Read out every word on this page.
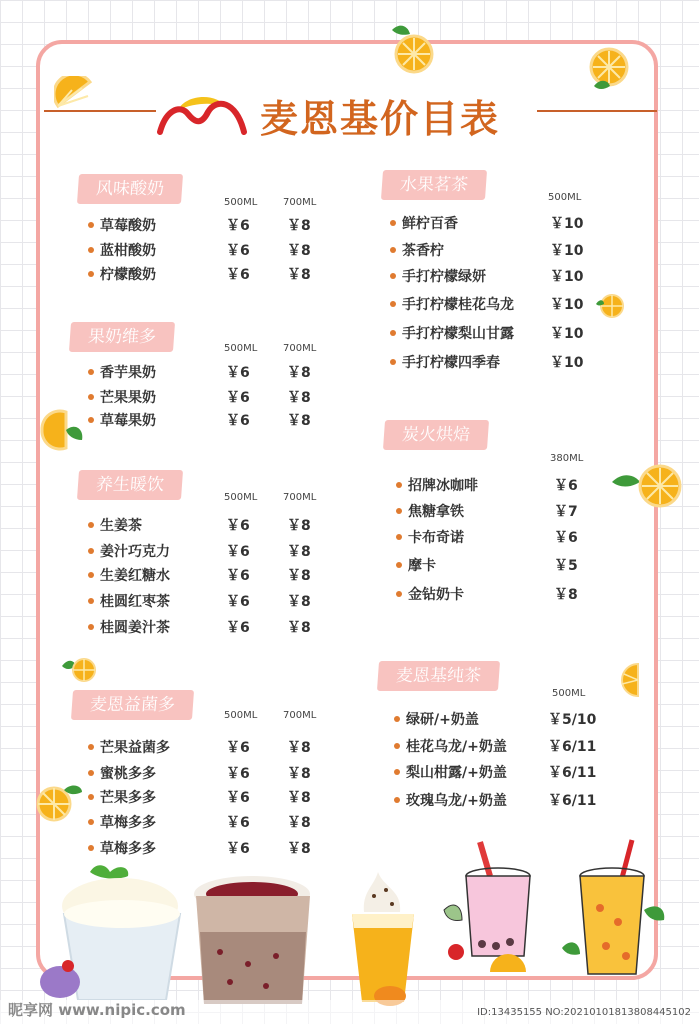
麦恩基价目表
风味酸奶
500ML	700ML
草莓酸奶	￥6	￥8
蓝柑酸奶	￥6	￥8
柠檬酸奶	￥6	￥8
果奶维多
500ML	700ML
香芋果奶	￥6	￥8
芒果果奶	￥6	￥8
草莓果奶	￥6	￥8
养生暖饮
500ML	700ML
生姜茶	￥6	￥8
姜汁巧克力	￥6	￥8
生姜红糖水	￥6	￥8
桂圆红枣茶	￥6	￥8
桂圆姜汁茶	￥6	￥8
麦恩益菌多
500ML	700ML
芒果益菌多	￥6	￥8
蜜桃多多	￥6	￥8
芒果多多	￥6	￥8
草梅多多	￥6	￥8
草梅多多	￥6	￥8
水果茗茶
500ML
鲜柠百香	￥10
茶香柠	￥10
手打柠檬绿妍	￥10
手打柠檬桂花乌龙	￥10
手打柠檬梨山甘露	￥10
手打柠檬四季春	￥10
炭火烘焙
380ML
招牌冰咖啡	￥6
焦糖拿铁	￥7
卡布奇诺	￥6
摩卡	￥5
金钻奶卡	￥8
麦恩基纯茶
500ML
绿研/+奶盖	￥5/10
桂花乌龙/+奶盖	￥6/11
梨山柑露/+奶盖	￥6/11
玫瑰乌龙/+奶盖	￥6/11
昵享网 www.nipic.com	ID:13435155 NO:20210101813808445102
